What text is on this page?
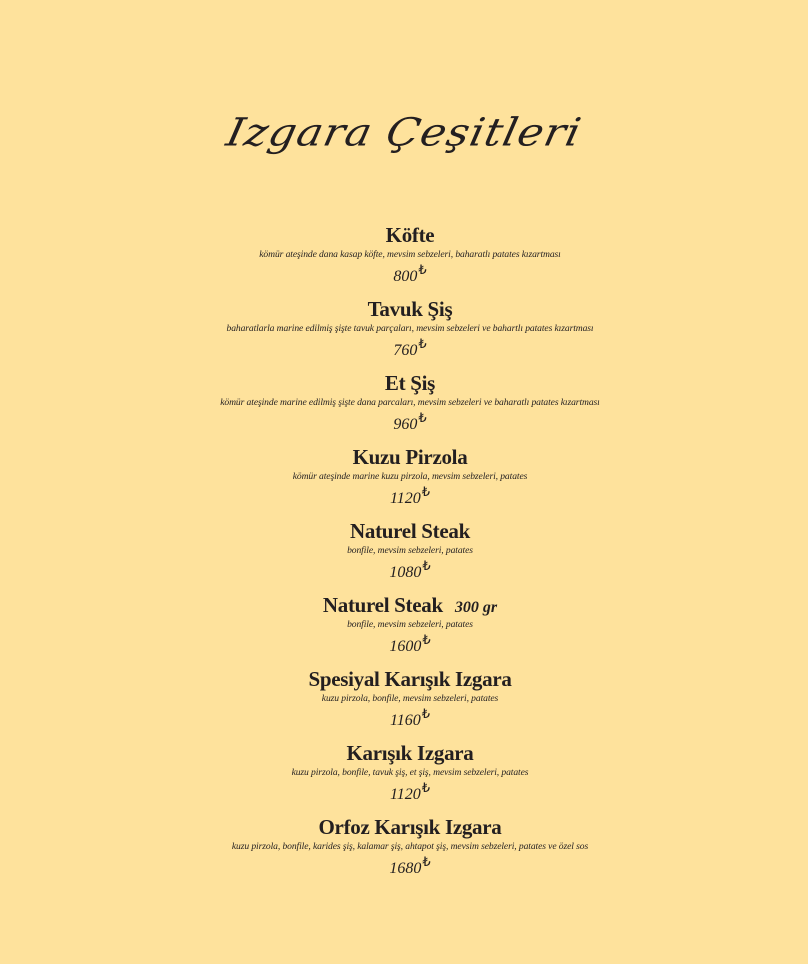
Izgara Çeşitleri
Köfte
kömür ateşinde dana kasap köfte, mevsim sebzeleri, baharatlı patates kızartması
800₺
Tavuk Şiş
baharatlarla marine edilmiş şişte tavuk parçaları, mevsim sebzeleri ve bahartlı patates kızartması
760₺
Et Şiş
kömür ateşinde marine edilmiş şişte dana parcaları, mevsim sebzeleri ve baharatlı patates kızartması
960₺
Kuzu Pirzola
kömür ateşinde marine kuzu pirzola, mevsim sebzeleri, patates
1120₺
Naturel Steak
bonfile, mevsim sebzeleri, patates
1080₺
Naturel Steak 300 gr
bonfile, mevsim sebzeleri, patates
1600₺
Spesiyal Karışık Izgara
kuzu pirzola, bonfile, mevsim sebzeleri, patates
1160₺
Karışık Izgara
kuzu pirzola, bonfile, tavuk şiş, et şiş, mevsim sebzeleri, patates
1120₺
Orfoz Karışık Izgara
kuzu pirzola, bonfile, karides şiş, kalamar şiş, ahtapot şiş, mevsim sebzeleri, patates ve özel sos
1680₺
